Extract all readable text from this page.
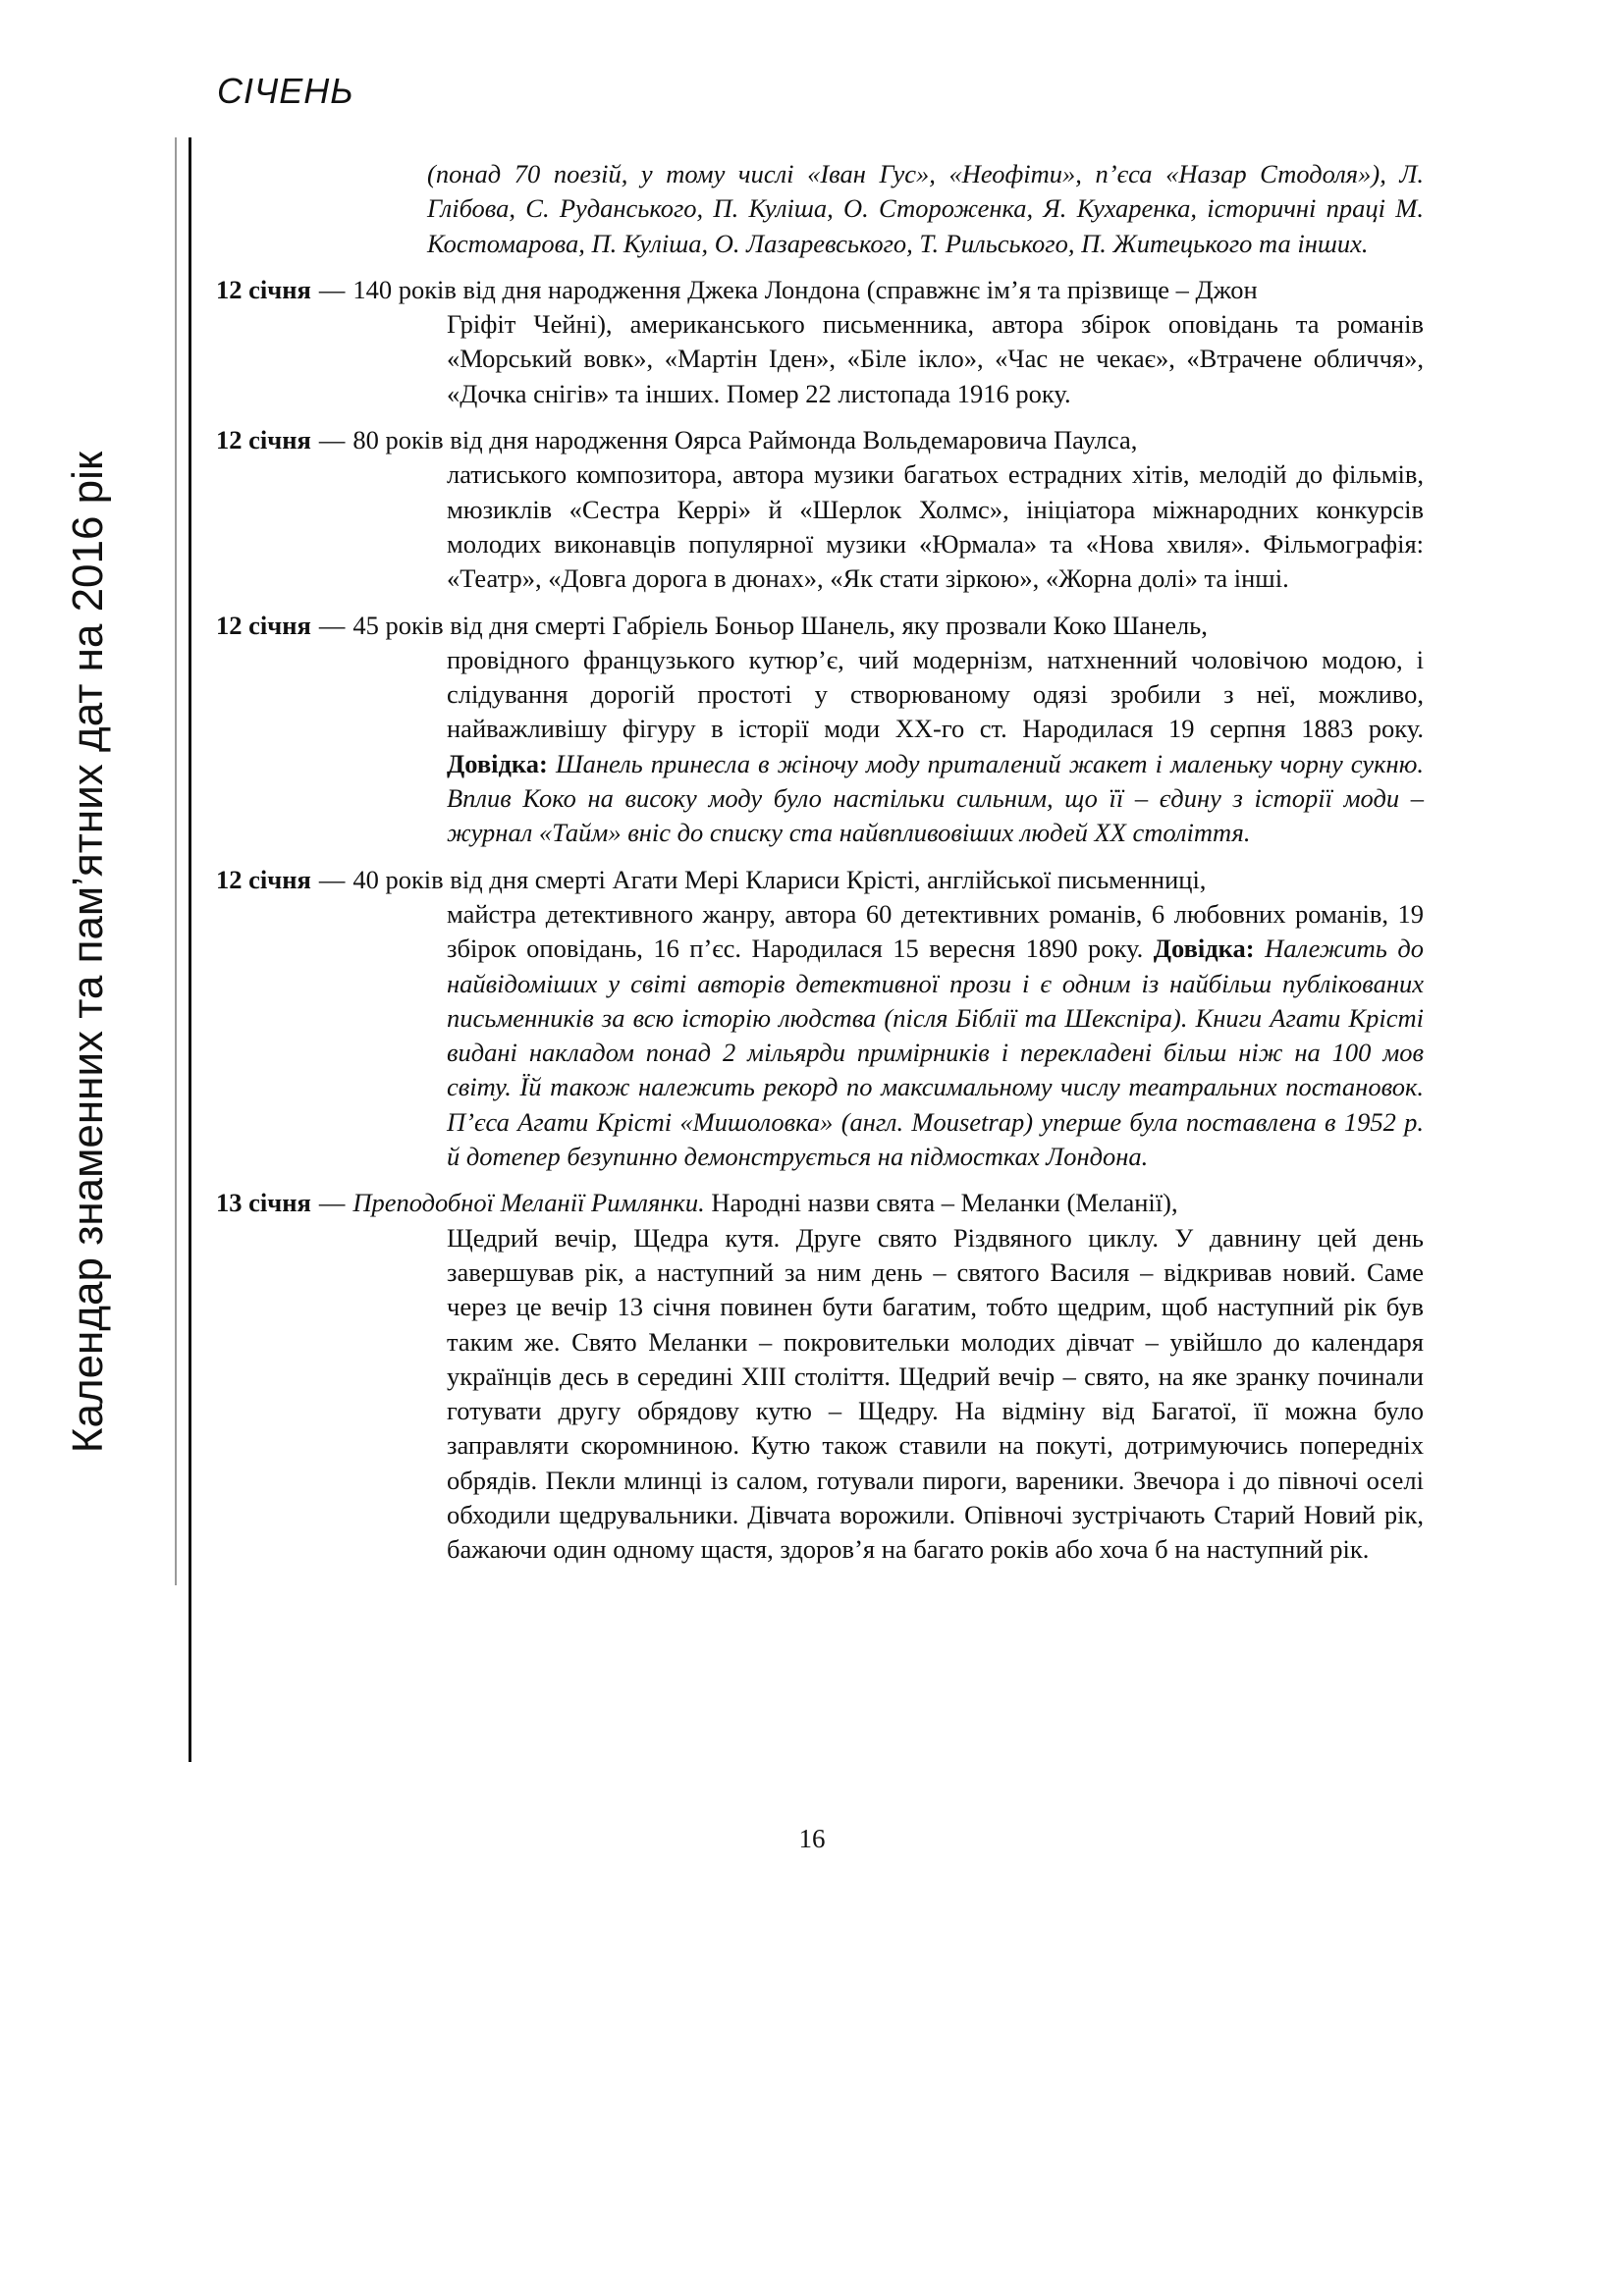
СІЧЕНЬ
Календар знаменних та пам’ятних дат на 2016 рік

(понад 70 поезій, у тому числі «Іван Гус», «Неофіти», п’єса «Назар Стодоля»), Л. Глібова, С. Руданського, П. Куліша, О. Стороженка, Я. Кухаренка, історичні праці М. Костомарова, П. Куліша, О. Лазаревського, Т. Рильського, П. Житецького та інших.

12 січня — 140 років від дня народження Джека Лондона (справжнє ім’я та прізвище – Джон
Гріфіт Чейні), американського письменника, автора збірок оповідань та романів «Морський вовк», «Мартін Іден», «Біле ікло», «Час не чекає», «Втрачене обличчя», «Дочка снігів» та інших. Помер 22 листопада 1916 року.
12 січня — 80 років від дня народження Оярса Раймонда Вольдемаровича Паулса,
латиського композитора, автора музики багатьох естрадних хітів, мелодій до фільмів, мюзиклів «Сестра Керрі» й «Шерлок Холмс», ініціатора міжнародних конкурсів молодих виконавців популярної музики «Юрмала» та «Нова хвиля». Фільмографія: «Театр», «Довга дорога в дюнах», «Як стати зіркою», «Жорна долі» та інші.
12 січня — 45 років від дня смерті Габріель Боньор Шанель, яку прозвали Коко Шанель,
провідного французького кутюр’є, чий модернізм, натхненний чоловічою модою, і слідування дорогій простоті у створюваному одязі зробили з неї, можливо, найважливішу фігуру в історії моди XX-го ст. Народилася 19 серпня 1883 року. Довідка: Шанель принесла в жіночу моду приталений жакет і маленьку чорну сукню. Вплив Коко на високу моду було настільки сильним, що її – єдину з історії моди – журнал «Тайм» вніс до списку ста найвпливовіших людей XX століття.
12 січня — 40 років від дня смерті Агати Мері Клариси Крісті, англійської письменниці,
майстра детективного жанру, автора 60 детективних романів, 6 любовних романів, 19 збірок оповідань, 16 п’єс. Народилася 15 вересня 1890 року. Довідка: Належить до найвідоміших у світі авторів детективної прози і є одним із найбільш публікованих письменників за всю історію людства (після Біблії та Шекспіра). Книги Агати Крісті видані накладом понад 2 мільярди примірників і перекладені більш ніж на 100 мов світу. Їй також належить рекорд по максимальному числу театральних постановок. П’єса Агати Крісті «Мишоловка» (англ. Mousetrap) уперше була поставлена в 1952 р. й дотепер безупинно демонструється на підмостках Лондона.
13 січня — Преподобної Меланії Римлянки. Народні назви свята – Меланки (Меланії),
Щедрий вечір, Щедра кутя. Друге свято Різдвяного циклу. У давнину цей день завершував рік, а наступний за ним день – святого Василя – відкривав новий. Саме через це вечір 13 січня повинен бути багатим, тобто щедрим, щоб наступний рік був таким же. Свято Меланки – покровительки молодих дівчат – увійшло до календаря українців десь в середині XIII століття. Щедрий вечір – свято, на яке зранку починали готувати другу обрядову кутю – Щедру. На відміну від Багатої, її можна було заправляти скоромниною. Кутю також ставили на покуті, дотримуючись попередніх обрядів. Пекли млинці із салом, готували пироги, вареники. Звечора і до півночі оселі обходили щедрувальники. Дівчата ворожили. Опівночі зустрічають Старий Новий рік, бажаючи один одному щастя, здоров’я на багато років або хоча б на наступний рік.
16
